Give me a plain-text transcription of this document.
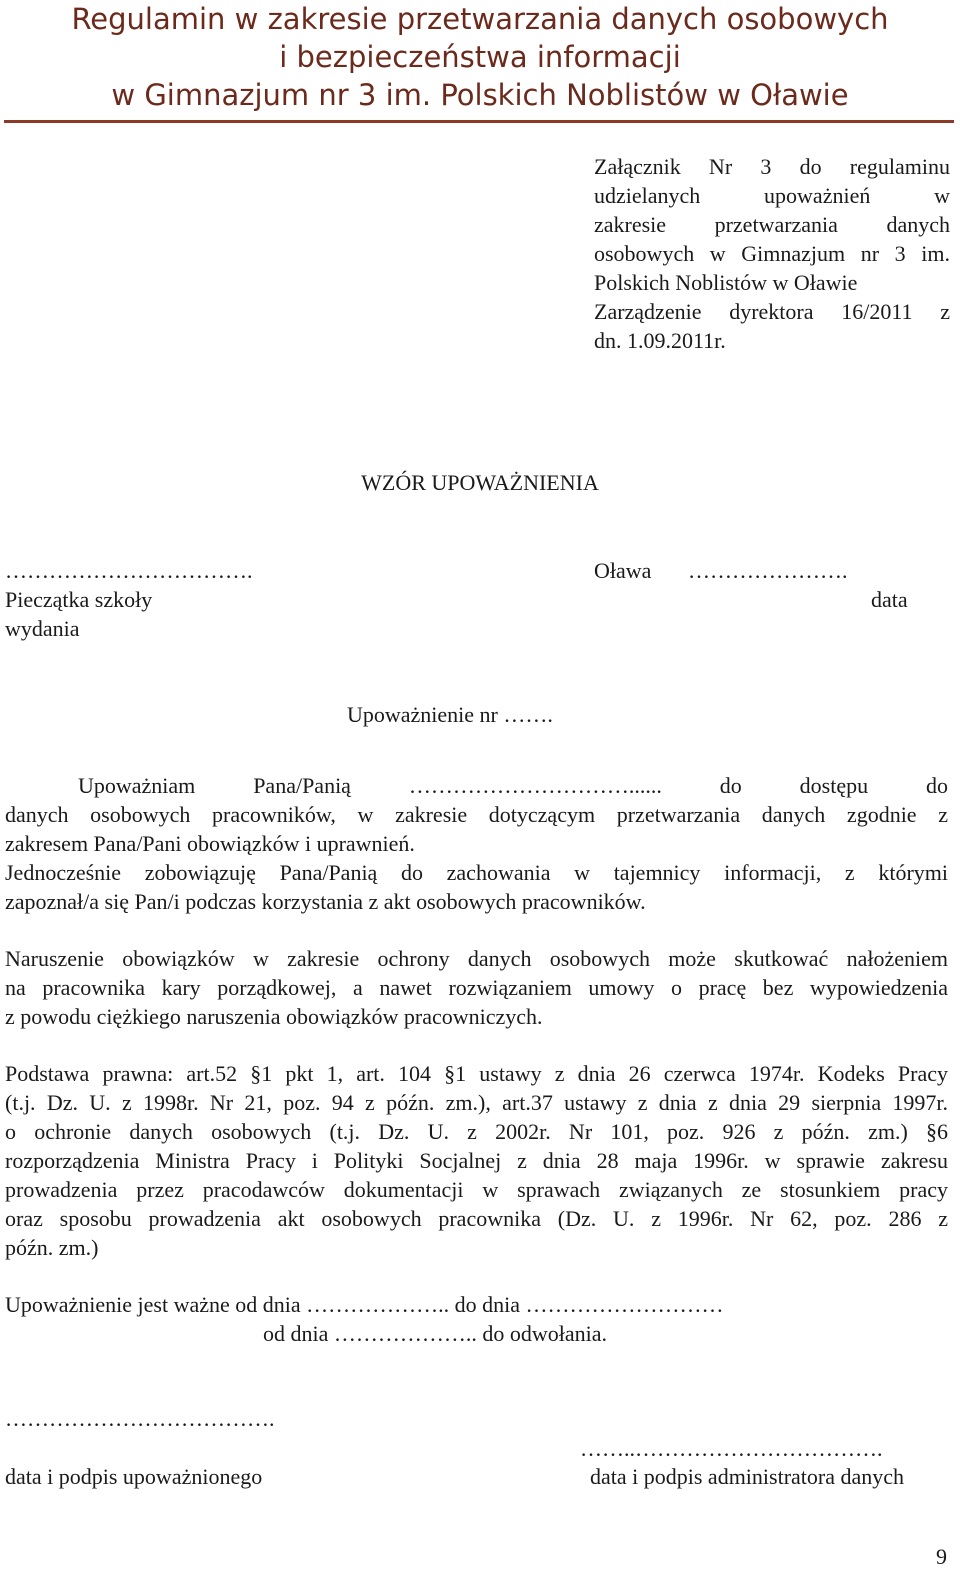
Regulamin w zakresie przetwarzania danych osobowych
i bezpieczeństwa informacji
w Gimnazjum nr 3 im. Polskich Noblistów w Oławie
Załącznik Nr 3 do regulaminu
udzielanych upoważnień w
zakresie przetwarzania danych
osobowych w Gimnazjum nr 3 im.
Polskich Noblistów w Oławie
Zarządzenie dyrektora 16/2011 z
dn. 1.09.2011r.
WZÓR UPOWAŻNIENIA
…………………………….
Pieczątka szkoły
wydania
Oława ………………….
data
Upoważnienie nr …….
Upoważniam Pana/Panią …………………………...... do dostępu do
danych osobowych pracowników, w zakresie dotyczącym przetwarzania danych zgodnie z
zakresem Pana/Pani obowiązków i uprawnień.
Jednocześnie zobowiązuję Pana/Panią do zachowania w tajemnicy informacji, z którymi
zapoznał/a się Pan/i podczas korzystania z akt osobowych pracowników.
Naruszenie obowiązków w zakresie ochrony danych osobowych może skutkować nałożeniem
na pracownika kary porządkowej, a nawet rozwiązaniem umowy o pracę bez wypowiedzenia
z powodu ciężkiego naruszenia obowiązków pracowniczych.
Podstawa prawna: art.52 §1 pkt 1, art. 104 §1 ustawy z dnia 26 czerwca 1974r. Kodeks Pracy
(t.j. Dz. U. z 1998r. Nr 21, poz. 94 z późn. zm.), art.37 ustawy z dnia z dnia 29 sierpnia 1997r.
o ochronie danych osobowych (t.j. Dz. U. z 2002r. Nr 101, poz. 926 z późn. zm.) §6
rozporządzenia Ministra Pracy i Polityki Socjalnej z dnia 28 maja 1996r. w sprawie zakresu
prowadzenia przez pracodawców dokumentacji w sprawach związanych ze stosunkiem pracy
oraz sposobu prowadzenia akt osobowych pracownika (Dz. U. z 1996r. Nr 62, poz. 286 z
późn. zm.)
Upoważnienie jest ważne od dnia ……………….. do dnia ………………………
od dnia ……………….. do odwołania.
……………………………….
data i podpis upoważnionego
……..…………………………….
data i podpis administratora danych
9
